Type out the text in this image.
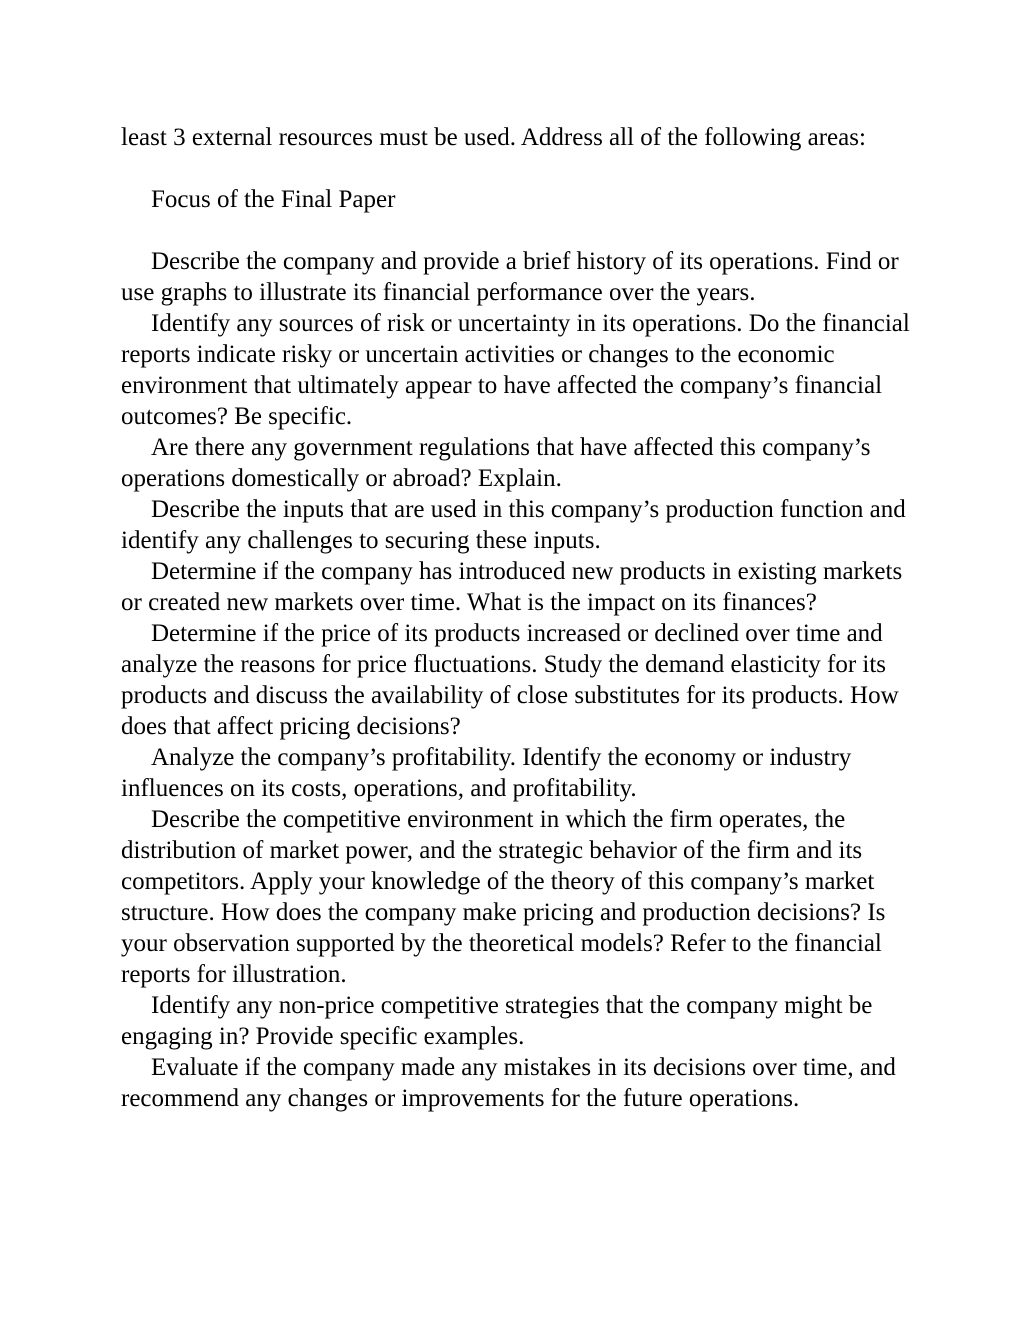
least 3 external resources must be used. Address all of the following areas:

Focus of the Final Paper

Describe the company and provide a brief history of its operations. Find or use graphs to illustrate its financial performance over the years.

Identify any sources of risk or uncertainty in its operations. Do the financial reports indicate risky or uncertain activities or changes to the economic environment that ultimately appear to have affected the company’s financial outcomes? Be specific.

Are there any government regulations that have affected this company’s operations domestically or abroad? Explain.

Describe the inputs that are used in this company’s production function and identify any challenges to securing these inputs.

Determine if the company has introduced new products in existing markets or created new markets over time. What is the impact on its finances?

Determine if the price of its products increased or declined over time and analyze the reasons for price fluctuations. Study the demand elasticity for its products and discuss the availability of close substitutes for its products. How does that affect pricing decisions?

Analyze the company’s profitability. Identify the economy or industry influences on its costs, operations, and profitability.

Describe the competitive environment in which the firm operates, the distribution of market power, and the strategic behavior of the firm and its competitors. Apply your knowledge of the theory of this company’s market structure. How does the company make pricing and production decisions? Is your observation supported by the theoretical models? Refer to the financial reports for illustration.

Identify any non-price competitive strategies that the company might be engaging in? Provide specific examples.

Evaluate if the company made any mistakes in its decisions over time, and recommend any changes or improvements for the future operations.
